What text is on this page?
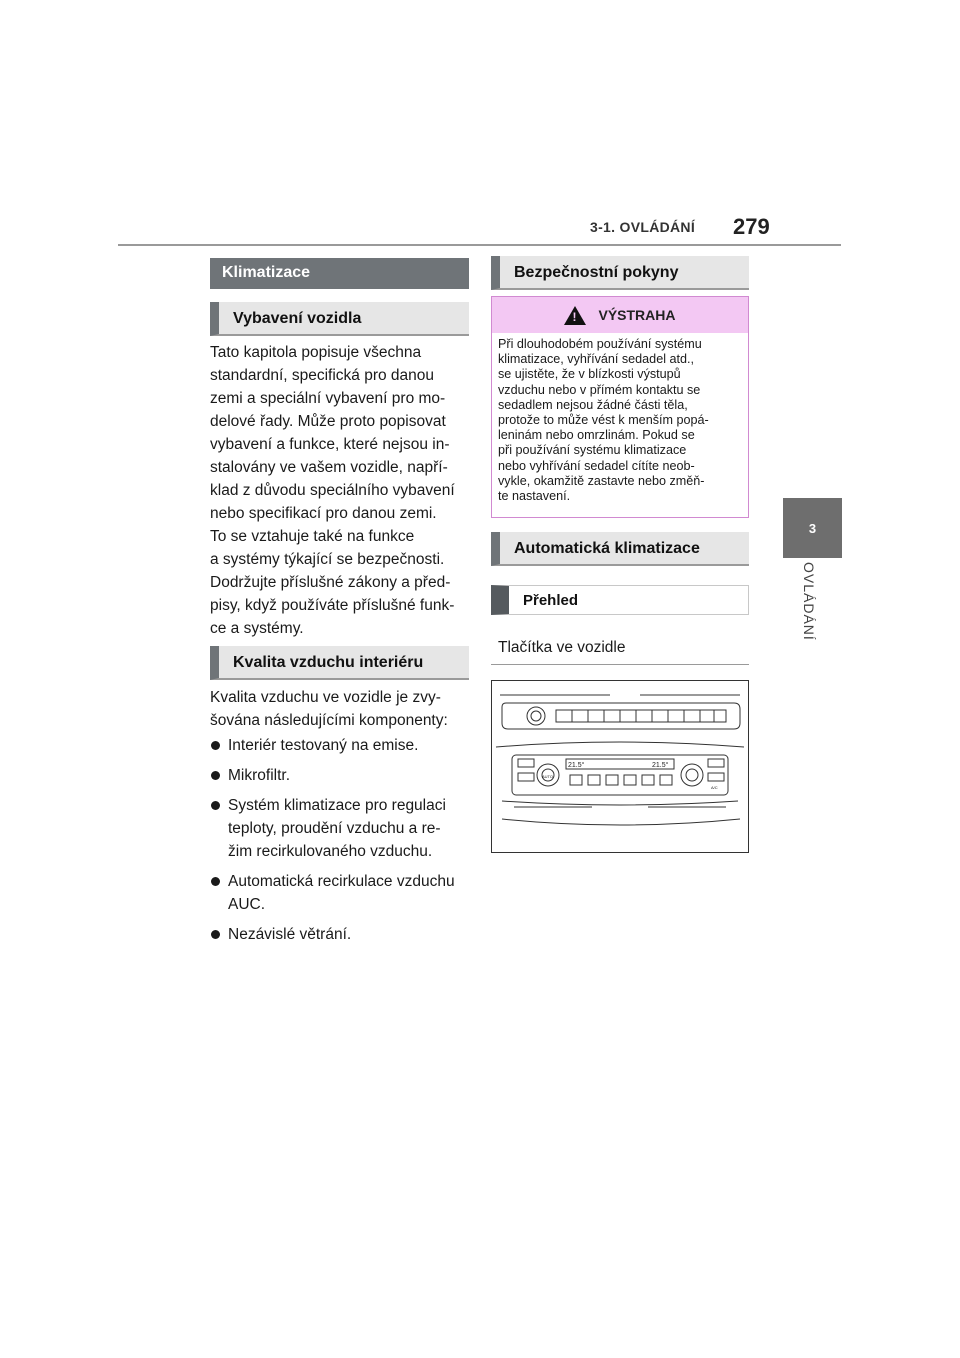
3-1. OVLÁDÁNÍ 279
3
OVLÁDÁNÍ
Klimatizace
Vybavení vozidla

Tato kapitola popisuje všechna

standardní, specifická pro danou

zemi a speciální vybavení pro mo-

delové řady. Může proto popisovat

vybavení a funkce, které nejsou in-

stalovány ve vašem vozidle, napří-

klad z důvodu speciálního vybavení

nebo specifikací pro danou zemi.

To se vztahuje také na funkce

a systémy týkající se bezpečnosti.

Dodržujte příslušné zákony a před-

pisy, když používáte příslušné funk-

ce a systémy.

Kvalita vzduchu interiéru

Kvalita vzduchu ve vozidle je zvy-

šována následujícími komponenty:

Interiér testovaný na emise.
Mikrofiltr.
Systém klimatizace pro regulaci
teploty, proudění vzduchu a re-
žim recirkulovaného vzduchu.
Automatická recirkulace vzduchu
AUC.
Nezávislé větrání.
Bezpečnostní pokyny
!
VÝSTRAHA
Při dlouhodobém používání systému
klimatizace, vyhřívání sedadel atd.,
se ujistěte, že v blízkosti výstupů
vzduchu nebo v přímém kontaktu se
sedadlem nejsou žádné části těla,
protože to může vést k menším popá-
leninám nebo omrzlinám. Pokud se
při používání systému klimatizace
nebo vyhřívání sedadel cítíte neob-
vykle, okamžitě zastavte nebo změň-
te nastavení.
Automatická klimatizace
Přehled
Tlačítka ve vozidle
21.5°	21.5°
AUTO
A/C
